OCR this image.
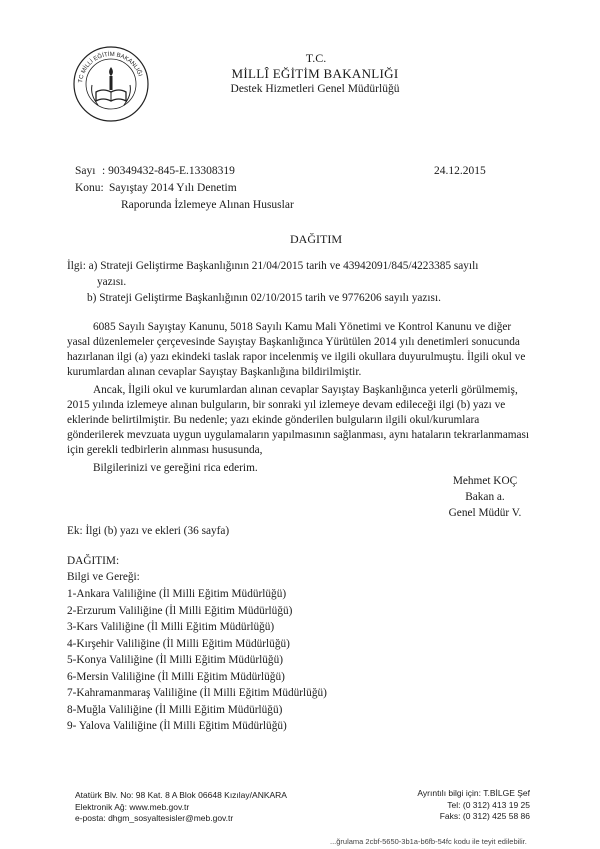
TC MİLLİ EĞİTİM BAKANLIĞI
T.C.
MİLLÎ EĞİTİM BAKANLIĞI
Destek Hizmetleri Genel Müdürlüğü
Sayı : 90349432-845-E.13308319	24.12.2015
Konu: Sayıştay 2014 Yılı Denetim
Raporunda İzlemeye Alınan Hususlar
DAĞITIM
İlgi: a) Strateji Geliştirme Başkanlığının 21/04/2015 tarih ve 43942091/845/4223385 sayılı
yazısı.
b) Strateji Geliştirme Başkanlığının 02/10/2015 tarih ve 9776206 sayılı yazısı.
6085 Sayılı Sayıştay Kanunu, 5018 Sayılı Kamu Mali Yönetimi ve Kontrol Kanunu ve diğer
yasal düzenlemeler çerçevesinde Sayıştay Başkanlığınca Yürütülen 2014 yılı denetimleri sonucunda
hazırlanan ilgi (a) yazı ekindeki taslak rapor incelenmiş ve ilgili okullara duyurulmuştu. İlgili okul ve
kurumlardan alınan cevaplar Sayıştay Başkanlığına bildirilmiştir.
Ancak, İlgili okul ve kurumlardan alınan cevaplar Sayıştay Başkanlığınca yeterli görülmemiş,
2015 yılında izlemeye alınan bulguların, bir sonraki yıl izlemeye devam edileceği ilgi (b) yazı ve
eklerinde belirtilmiştir. Bu nedenle; yazı ekinde gönderilen bulguların ilgili okul/kurumlara
gönderilerek mevzuata uygun uygulamaların yapılmasının sağlanması, aynı hataların tekrarlanmaması
için gerekli tedbirlerin alınması hususunda,
Bilgilerinizi ve gereğini rica ederim.
Mehmet KOÇ
Bakan a.
Genel Müdür V.
Ek: İlgi (b) yazı ve ekleri (36 sayfa)
DAĞITIM:
Bilgi ve Gereği:
1-Ankara Valiliğine (İl Milli Eğitim Müdürlüğü)
2-Erzurum Valiliğine (İl Milli Eğitim Müdürlüğü)
3-Kars Valiliğine (İl Milli Eğitim Müdürlüğü)
4-Kırşehir Valiliğine (İl Milli Eğitim Müdürlüğü)
5-Konya Valiliğine (İl Milli Eğitim Müdürlüğü)
6-Mersin Valiliğine (İl Milli Eğitim Müdürlüğü)
7-Kahramanmaraş Valiliğine (İl Milli Eğitim Müdürlüğü)
8-Muğla Valiliğine (İl Milli Eğitim Müdürlüğü)
9- Yalova Valiliğine (İl Milli Eğitim Müdürlüğü)
Atatürk Blv. No: 98 Kat. 8 A Blok 06648 Kızılay/ANKARA
Elektronik Ağ: www.meb.gov.tr
e-posta: dhgm_sosyaltesisler@meb.gov.tr
Ayrıntılı bilgi için: T.BİLGE Şef
Tel: (0 312) 413 19 25
Faks: (0 312) 425 58 86
...ğrulama 2cbf-5650-3b1a-b6fb-54fc kodu ile teyit edilebilir.
